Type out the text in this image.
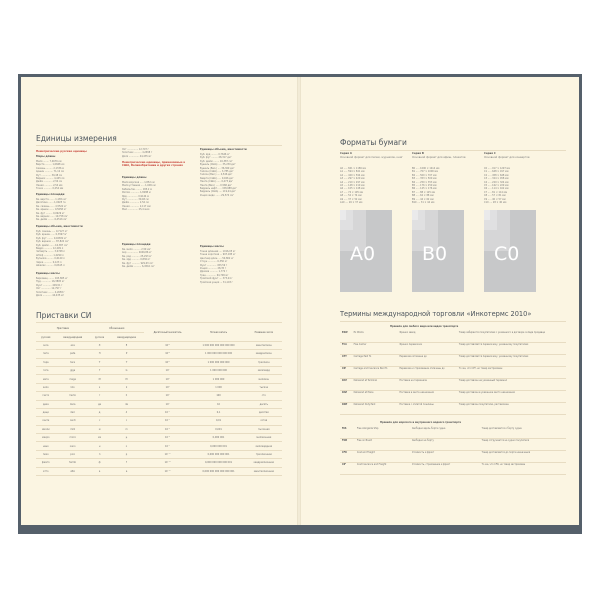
Единицы измерения
Неметрические русские единицы
Меры длины
Миля ........ 7,4676 км
Верста ......... 1,0668 км
Сажень ......... 2,1336 м
Аршин ........... 71,12 см
Фут ............. 30,48 см
Вершок .......... 4,445 см
Дюйм ............ 2,54 см
Линия ........... 2,54 мм
Точка ........... 0,254 мм
Единицы площади
Кв. верста ....... 1,138 км²
Десятина ....... 1,0925 га
Кв. сажень ...... 4,5522 м²
Кв. аршин ....... 0,5058 м²
Кв. фут ......... 0,0929 м²
Кв. вершок ...... 19,758 см²
Кв. дюйм ........ 6,4516 см²
Единицы объема, вместимости
Куб. сажень ..... 9,7127 м³
Куб. аршин ...... 0,3597 м³
Куб. фут ........ 0,02832 м³
Куб. вершок ..... 87,824 см³
Куб. дюйм ....... 16,387 см³
Ведро ........... 12,299 л
Четверть ........ 3,0748 л
Штоф ............ 1,2299 л
Бутылка ......... 0,6149 л
Чарка ........... 0,123 л
Шкалик .......... 0,0615 л
Единицы массы
Берковец ........ 163,805 кг
Пуд ............. 16,3805 кг
Фунт ............ 409,51 г
Лот ............. 12,797 г
Золотник ........ 4,2658 г
Доля ............ 44,435 мг
Лот ............... 12,797 г
Золотник .......... 4,2658 г
Доля .............. 44,435 мг
Неметрические единицы, применяемые в США, Великобритании и других странах
Единицы длины
Миля морская ..... 1,852 км
Миля уставная ..... 1,609 км
Кабельтов ......... 185,2 м
Фатом ............ 1,8288 м
Ярд .............. 0,9144 м
Фут .............. 30,48 см
Дюйм ............. 2,54 см
Линия ............ 2,117 мм
Мил .............. 25,4 мкм
Единицы площади
Кв. миля .......... 2,59 км²
Акр ............... 4046,86 м²
Кв. род ........... 25,293 м²
Кв. ярд ........... 0,836 м²
Кв. фут ........... 929,03 см²
Кв. дюйм .......... 6,4516 см²
Единицы объема, вместимости
Куб. ярд ......... 0,7646 м³
Куб. фут ......... 28,317 дм³
Куб. дюйм ........ 16,387 см³
Бушель (США) ..... 35,239 дм³
Бушель (Вел.) .... 36,369 дм³
Галлон (США) ..... 3,785 дм³
Галлон (Вел.) .... 4,546 дм³
Кварта (США) ..... 0,946 дм³
Пинта (США) ...... 0,473 дм³
Пинта (Вел.) ..... 0,568 дм³
Баррель нефт. .... 158,988 дм³
Баррель (США) .... 119,24 дм³
Унция жидк. ...... 29,574 см³
Единицы массы
Тонна длинная .... 1016,05 кг
Тонна короткая ... 907,185 кг
Центнер длин. .... 50,802 кг
Стоун ............ 6,350 кг
Фунт ............. 453,59 г
Унция ............ 28,35 г
Драхма ........... 1,772 г
Гран ............. 64,799 мг
Тройский фунт .... 373,24 г
Тройская унция ... 31,103 г
Приставки СИ
Приставки		Обозначения		Десятичный множитель	Полная запись	Название числа
русская	международная	русское	международное			
экса	exa	Э	E	10¹⁸	1 000 000 000 000 000 000	квинтиллион
пета	peta	П	P	10¹⁵	1 000 000 000 000 000	квадриллион
тера	tera	Т	T	10¹²	1 000 000 000 000	триллион
гига	giga	Г	G	10⁹	1 000 000 000	миллиард
мега	mega	М	M	10⁶	1 000 000	миллион
кило	kilo	к	k	10³	1 000	тысяча
гекто	hecto	г	h	10²	100	сто
дека	deca	да	da	10¹	10	десять
деци	deci	д	d	10⁻¹	0,1	десятая
санти	centi	с	c	10⁻²	0,01	сотая
милли	milli	м	m	10⁻³	0,001	тысячная
микро	micro	мк	µ	10⁻⁶	0,000 001	миллионная
нано	nano	н	n	10⁻⁹	0,000 000 001	миллиардная
пико	pico	п	p	10⁻¹²	0,000 000 000 001	триллионная
фемто	femto	ф	f	10⁻¹⁵	0,000 000 000 000 001	квадриллионная
атто	atto	а	a	10⁻¹⁸	0,000 000 000 000 000 001	квинтиллионная
Форматы бумаги
Серия А
Основной формат для писем, журналов, книг
A0 ..... 841 × 1189 мм
A1 ..... 594 × 841 мм
A2 ..... 420 × 594 мм
A3 ..... 297 × 420 мм
A4 ..... 210 × 297 мм
A5 ..... 148 × 210 мм
A6 ..... 105 × 148 мм
A7 ..... 74 × 105 мм
A8 ..... 52 × 74 мм
A9 ..... 37 × 52 мм
A10 .... 26 × 37 мм
Серия В
Основной формат для афиш, плакатов
B0 ..... 1000 × 1414 мм
B1 ..... 707 × 1000 мм
B2 ..... 500 × 707 мм
B3 ..... 353 × 500 мм
B4 ..... 250 × 353 мм
B5 ..... 176 × 250 мм
B6 ..... 125 × 176 мм
B7 ..... 88 × 125 мм
B8 ..... 62 × 88 мм
B9 ..... 44 × 62 мм
B10 .... 31 × 44 мм
Серия С
Основной формат для конвертов
C0 ..... 917 × 1297 мм
C1 ..... 648 × 917 мм
C2 ..... 458 × 648 мм
C3 ..... 324 × 458 мм
C4 ..... 229 × 324 мм
C5 ..... 162 × 229 мм
C6 ..... 114 × 162 мм
C7 ..... 81 × 114 мм
C8 ..... 57 × 81 мм
C9 ..... 40 × 57 мм
C10 .... 28 × 40 мм
A0 B0 C0
Термины международной торговли «Инкотермс 2010»
Правила для любого вида или видов транспорта
EXW	Ex Works	Франко завод	Товар забирается покупателем с указанного в договоре склада продавца
FCA	Free Carrier	Франко перевозчик	Товар доставляется перевозчику, указанному покупателем
CPT	Carriage Paid To	Перевозка оплачена до	Товар доставляется перевозчику, указанному покупателем
CIP	Carriage and Insurance Paid To	Перевозка и страхование оплачены до	То же, что CPT, но товар застрахован
DAT	Delivered at Terminal	Поставка на терминале	Товар доставлен на указанный терминал
DAP	Delivered at Place	Поставка в месте назначения	Товар доставлен в указанное место назначения
DDP	Delivered Duty Paid	Поставка с оплатой пошлины	Товар доставлен покупателю, растаможен
Правила для морского и внутреннего водного транспорта
FAS	Free Alongside Ship	Свободно вдоль борта судна	Товар доставляется к борту судна
FOB	Free on Board	Свободно на борту	Товар отгружается на судно покупателя
CFR	Cost and Freight	Стоимость и фрахт	Товар доставляется до порта назначения
CIF	Cost Insurance and Freight	Стоимость, страхование и фрахт	То же, что CFR, но товар застрахован
